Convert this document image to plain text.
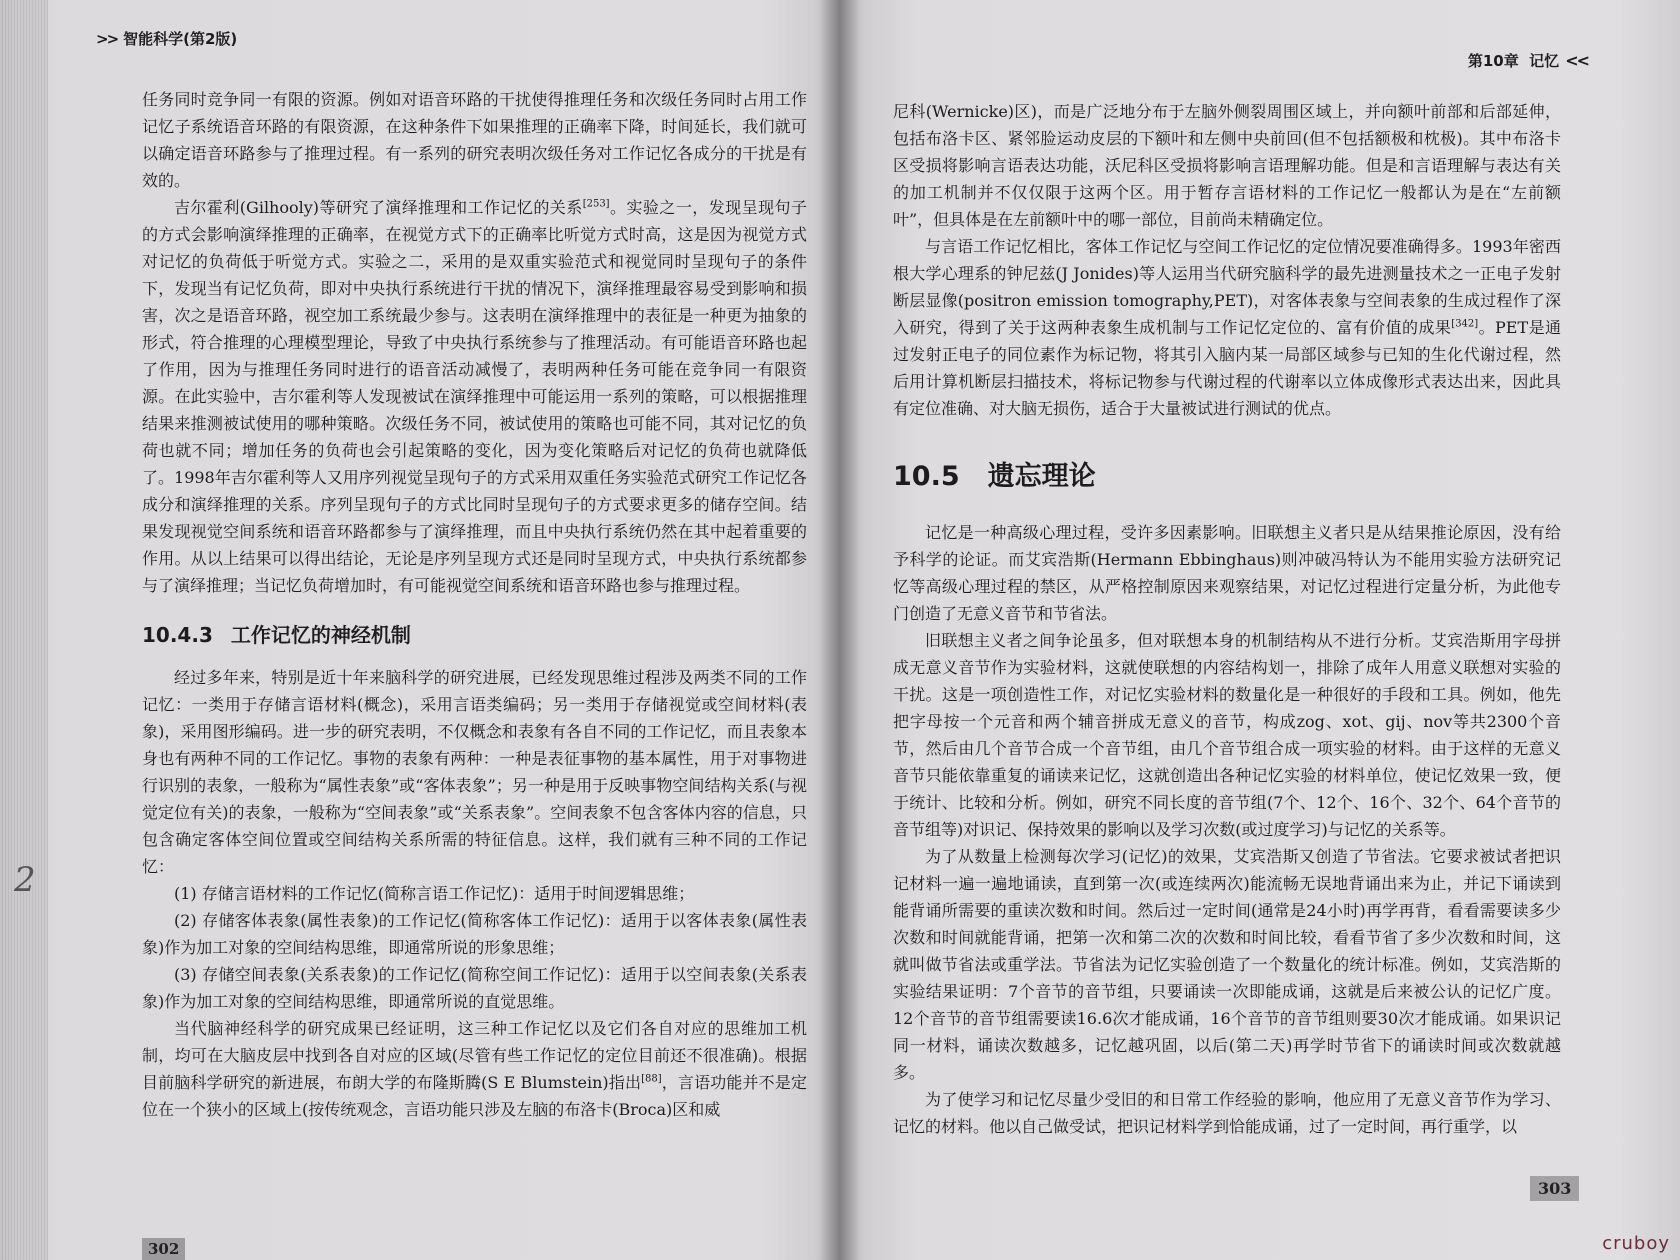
>> 智能科学(第2版)
第10章 记忆 <<
2

任务同时竞争同一有限的资源。例如对语音环路的干扰使得推理任务和次级任务同时占用工作记忆子系统语音环路的有限资源，在这种条件下如果推理的正确率下降，时间延长，我们就可以确定语音环路参与了推理过程。有一系列的研究表明次级任务对工作记忆各成分的干扰是有效的。

吉尔霍利(Gilhooly)等研究了演绎推理和工作记忆的关系[253]。实验之一，发现呈现句子的方式会影响演绎推理的正确率，在视觉方式下的正确率比听觉方式时高，这是因为视觉方式对记忆的负荷低于听觉方式。实验之二，采用的是双重实验范式和视觉同时呈现句子的条件下，发现当有记忆负荷，即对中央执行系统进行干扰的情况下，演绎推理最容易受到影响和损害，次之是语音环路，视空加工系统最少参与。这表明在演绎推理中的表征是一种更为抽象的形式，符合推理的心理模型理论，导致了中央执行系统参与了推理活动。有可能语音环路也起了作用，因为与推理任务同时进行的语音活动减慢了，表明两种任务可能在竞争同一有限资源。在此实验中，吉尔霍利等人发现被试在演绎推理中可能运用一系列的策略，可以根据推理结果来推测被试使用的哪种策略。次级任务不同，被试使用的策略也可能不同，其对记忆的负荷也就不同；增加任务的负荷也会引起策略的变化，因为变化策略后对记忆的负荷也就降低了。1998年吉尔霍利等人又用序列视觉呈现句子的方式采用双重任务实验范式研究工作记忆各成分和演绎推理的关系。序列呈现句子的方式比同时呈现句子的方式要求更多的储存空间。结果发现视觉空间系统和语音环路都参与了演绎推理，而且中央执行系统仍然在其中起着重要的作用。从以上结果可以得出结论，无论是序列呈现方式还是同时呈现方式，中央执行系统都参与了演绎推理；当记忆负荷增加时，有可能视觉空间系统和语音环路也参与推理过程。

10.4.3 工作记忆的神经机制

经过多年来，特别是近十年来脑科学的研究进展，已经发现思维过程涉及两类不同的工作记忆：一类用于存储言语材料(概念)，采用言语类编码；另一类用于存储视觉或空间材料(表象)，采用图形编码。进一步的研究表明，不仅概念和表象有各自不同的工作记忆，而且表象本身也有两种不同的工作记忆。事物的表象有两种：一种是表征事物的基本属性，用于对事物进行识别的表象，一般称为“属性表象”或“客体表象”；另一种是用于反映事物空间结构关系(与视觉定位有关)的表象，一般称为“空间表象”或“关系表象”。空间表象不包含客体内容的信息，只包含确定客体空间位置或空间结构关系所需的特征信息。这样，我们就有三种不同的工作记忆：

(1) 存储言语材料的工作记忆(简称言语工作记忆)：适用于时间逻辑思维；

(2) 存储客体表象(属性表象)的工作记忆(简称客体工作记忆)：适用于以客体表象(属性表象)作为加工对象的空间结构思维，即通常所说的形象思维；

(3) 存储空间表象(关系表象)的工作记忆(简称空间工作记忆)：适用于以空间表象(关系表象)作为加工对象的空间结构思维，即通常所说的直觉思维。

当代脑神经科学的研究成果已经证明，这三种工作记忆以及它们各自对应的思维加工机制，均可在大脑皮层中找到各自对应的区域(尽管有些工作记忆的定位目前还不很准确)。根据目前脑科学研究的新进展，布朗大学的布隆斯腾(S E Blumstein)指出[88]，言语功能并不是定位在一个狭小的区域上(按传统观念，言语功能只涉及左脑的布洛卡(Broca)区和威

尼科(Wernicke)区)，而是广泛地分布于左脑外侧裂周围区域上，并向额叶前部和后部延伸，包括布洛卡区、紧邻脸运动皮层的下额叶和左侧中央前回(但不包括额极和枕极)。其中布洛卡区受损将影响言语表达功能，沃尼科区受损将影响言语理解功能。但是和言语理解与表达有关的加工机制并不仅仅限于这两个区。用于暂存言语材料的工作记忆一般都认为是在“左前额叶”，但具体是在左前额叶中的哪一部位，目前尚未精确定位。

与言语工作记忆相比，客体工作记忆与空间工作记忆的定位情况要准确得多。1993年密西根大学心理系的钟尼兹(J Jonides)等人运用当代研究脑科学的最先进测量技术之一正电子发射断层显像(positron emission tomography,PET)，对客体表象与空间表象的生成过程作了深入研究，得到了关于这两种表象生成机制与工作记忆定位的、富有价值的成果[342]。PET是通过发射正电子的同位素作为标记物，将其引入脑内某一局部区域参与已知的生化代谢过程，然后用计算机断层扫描技术，将标记物参与代谢过程的代谢率以立体成像形式表达出来，因此具有定位准确、对大脑无损伤，适合于大量被试进行测试的优点。

10.5 遗忘理论

记忆是一种高级心理过程，受许多因素影响。旧联想主义者只是从结果推论原因，没有给予科学的论证。而艾宾浩斯(Hermann Ebbinghaus)则冲破冯特认为不能用实验方法研究记忆等高级心理过程的禁区，从严格控制原因来观察结果，对记忆过程进行定量分析，为此他专门创造了无意义音节和节省法。

旧联想主义者之间争论虽多，但对联想本身的机制结构从不进行分析。艾宾浩斯用字母拼成无意义音节作为实验材料，这就使联想的内容结构划一，排除了成年人用意义联想对实验的干扰。这是一项创造性工作，对记忆实验材料的数量化是一种很好的手段和工具。例如，他先把字母按一个元音和两个辅音拼成无意义的音节，构成zog、xot、gij、nov等共2300个音节，然后由几个音节合成一个音节组，由几个音节组合成一项实验的材料。由于这样的无意义音节只能依靠重复的诵读来记忆，这就创造出各种记忆实验的材料单位，使记忆效果一致，便于统计、比较和分析。例如，研究不同长度的音节组(7个、12个、16个、32个、64个音节的音节组等)对识记、保持效果的影响以及学习次数(或过度学习)与记忆的关系等。

为了从数量上检测每次学习(记忆)的效果，艾宾浩斯又创造了节省法。它要求被试者把识记材料一遍一遍地诵读，直到第一次(或连续两次)能流畅无误地背诵出来为止，并记下诵读到能背诵所需要的重读次数和时间。然后过一定时间(通常是24小时)再学再背，看看需要读多少次数和时间就能背诵，把第一次和第二次的次数和时间比较，看看节省了多少次数和时间，这就叫做节省法或重学法。节省法为记忆实验创造了一个数量化的统计标准。例如，艾宾浩斯的实验结果证明：7个音节的音节组，只要诵读一次即能成诵，这就是后来被公认的记忆广度。12个音节的音节组需要读16.6次才能成诵，16个音节的音节组则要30次才能成诵。如果识记同一材料，诵读次数越多，记忆越巩固，以后(第二天)再学时节省下的诵读时间或次数就越多。

为了使学习和记忆尽量少受旧的和日常工作经验的影响，他应用了无意义音节作为学习、记忆的材料。他以自己做受试，把识记材料学到恰能成诵，过了一定时间，再行重学，以

302
303
cruboy
